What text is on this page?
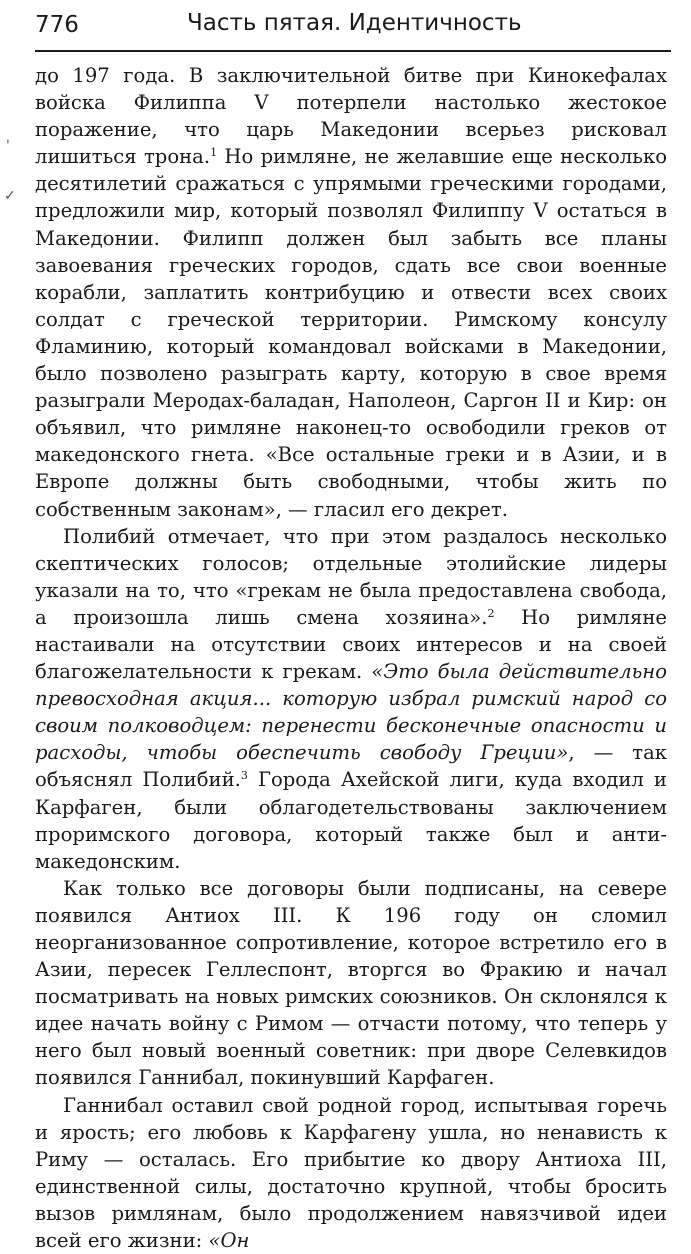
776	Часть пятая. Идентичность
'
✓

до 197 года. В заключительной битве при Кинокефалах войска Филиппа V потерпели настолько жестокое поражение, что царь Македонии всерьез рисковал лишиться трона.$^1$ Но римляне, не желавшие еще несколько десятилетий сражаться с упрямыми греческими городами, предложили мир, который позволял Филиппу V остаться в Македонии. Филипп должен был забыть все планы завоевания греческих городов, сдать все свои военные корабли, заплатить контрибуцию и отвести всех своих солдат с греческой территории. Римскому консулу Фламинию, который командовал войсками в Македонии, было позволено разыграть карту, которую в свое время разыграли Меродах-баладан, Наполеон, Саргон II и Кир: он объявил, что римляне наконец-то освободили греков от македонского гнета. «Все остальные греки и в Азии, и в Европе должны быть свободными, чтобы жить по собственным законам», — гласил его декрет.

Полибий отмечает, что при этом раздалось несколько скептических голосов; отдельные этолийские лидеры указали на то, что «грекам не была предоставлена свобода, а произошла лишь смена хозяина».$^2$ Но римляне настаивали на отсутствии своих интересов и на своей благожелательности к грекам. «Это была действительно превосходная акция... которую избрал римский народ со своим полководцем: перенести бесконечные опасности и расходы, чтобы обеспечить свободу Греции», — так объяснял Полибий.$^3$ Города Ахейской лиги, куда входил и Карфаген, были облагодетельствованы заключением проримского договора, который также был и анти-македонским.

Как только все договоры были подписаны, на севере появился Антиох III. К 196 году он сломил неорганизованное сопротивление, которое встретило его в Азии, пересек Геллеспонт, вторгся во Фракию и начал посматривать на новых римских союзников. Он склонялся к идее начать войну с Римом — отчасти потому, что теперь у него был новый военный советник: при дворе Селевкидов появился Ганнибал, покинувший Карфаген.

Ганнибал оставил свой родной город, испытывая горечь и ярость; его любовь к Карфагену ушла, но ненависть к Риму — осталась. Его прибытие ко двору Антиоха III, единственной силы, достаточно крупной, чтобы бросить вызов римлянам, было продолжением навязчивой идеи всей его жизни: «Он
